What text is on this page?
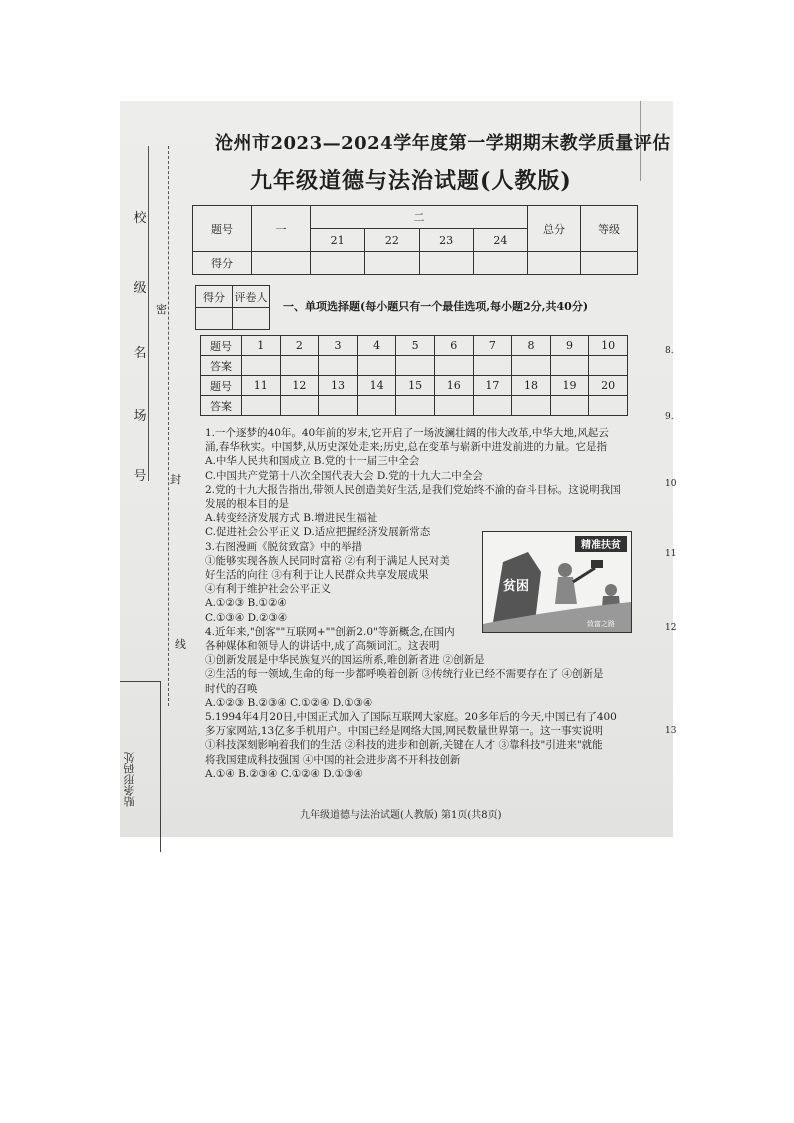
校
级
名
场
号
贴条形码处
密
封
线
沧州市2023—2024学年度第一学期期末教学质量评估
九年级道德与法治试题(人教版)
题号	一	二				总分	等级
		21	22	23	24		
得分							
得分	评卷人

一、单项选择题(每小题只有一个最佳选项,每小题2分,共40分)
题号	1	2	3	4	5	6	7	8	9	10
答案										
题号	11	12	13	14	15	16	17	18	19	20
答案										

1.一个逐梦的40年。40年前的岁末,它开启了一场波澜壮阔的伟大改革,中华大地,风起云

涌,春华秋实。中国梦,从历史深处走来;历史,总在变革与崭新中进发前进的力量。它是指

A.中华人民共和国成立 B.党的十一届三中全会

C.中国共产党第十八次全国代表大会 D.党的十九大二中全会

2.党的十九大报告指出,带领人民创造美好生活,是我们党始终不渝的奋斗目标。这说明我国

发展的根本目的是

A.转变经济发展方式 B.增进民生福祉

C.促进社会公平正义 D.适应把握经济发展新常态

3.右图漫画《脱贫致富》中的举措

①能够实现各族人民同时富裕 ②有利于满足人民对美

好生活的向往 ③有利于让人民群众共享发展成果

④有利于维护社会公平正义

A.①②③ B.①②④

C.①③④ D.②③④

4.近年来,"创客""互联网+""创新2.0"等新概念,在国内

各种媒体和领导人的讲话中,成了高频词汇。这表明

①创新发展是中华民族复兴的国运所系,唯创新者进 ②创新是

②生活的每一领域,生命的每一步都呼唤着创新 ③传统行业已经不需要存在了 ④创新是

时代的召唤

A.①②③ B.②③④ C.①②④ D.①③④

5.1994年4月20日,中国正式加入了国际互联网大家庭。20多年后的今天,中国已有了400

多万家网站,13亿多手机用户。中国已经是网络大国,网民数量世界第一。这一事实说明

①科技深刻影响着我们的生活 ②科技的进步和创新,关键在人才 ③靠科技"引进来"就能

将我国建成科技强国 ④中国的社会进步离不开科技创新

A.①④ B.②③④ C.①②④ D.①③④

精准扶贫
贫困
致富之路
九年级道德与法治试题(人教版) 第1页(共8页)
8.
9.
10
11
12
13
